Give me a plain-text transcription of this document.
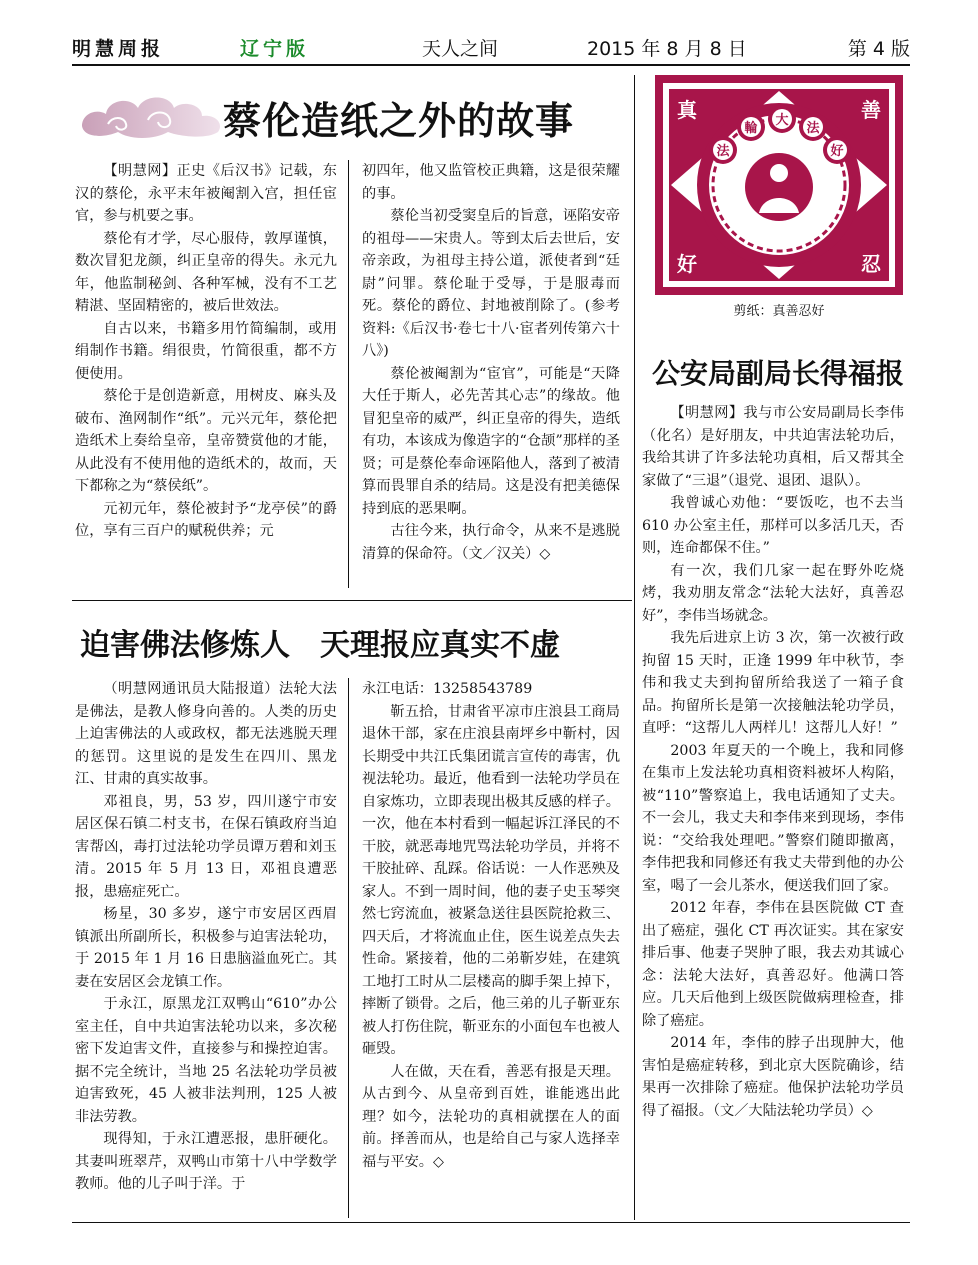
明慧周报	辽宁版	天人之间	2015 年 8 月 8 日	第 4 版
蔡伦造纸之外的故事

【明慧网】正史《后汉书》记载，东汉的蔡伦，永平末年被阉割入宫，担任宦官，参与机要之事。

蔡伦有才学，尽心服侍，敦厚谨慎，数次冒犯龙颜，纠正皇帝的得失。永元九年，他监制秘剑、各种军械，没有不工艺精湛、坚固精密的，被后世效法。

自古以来，书籍多用竹简编制，或用绢制作书籍。绢很贵，竹简很重，都不方便使用。

蔡伦于是创造新意，用树皮、麻头及破布、渔网制作“纸”。元兴元年，蔡伦把造纸术上奏给皇帝，皇帝赞赏他的才能，从此没有不使用他的造纸术的，故而，天下都称之为“蔡侯纸”。

元初元年，蔡伦被封予“龙亭侯”的爵位，享有三百户的赋税供养；元

初四年，他又监管校正典籍，这是很荣耀的事。

蔡伦当初受窦皇后的旨意，诬陷安帝的祖母——宋贵人。等到太后去世后，安帝亲政，为祖母主持公道，派使者到“廷尉”问罪。蔡伦耻于受辱，于是服毒而死。蔡伦的爵位、封地被削除了。(参考资料:《后汉书·卷七十八·宦者列传第六十八》)

蔡伦被阉割为“宦官”，可能是“天降大任于斯人，必先苦其心志”的缘故。他冒犯皇帝的威严，纠正皇帝的得失，造纸有功，本该成为像造字的“仓颉”那样的圣贤；可是蔡伦奉命诬陷他人，落到了被清算而畏罪自杀的结局。这是没有把美德保持到底的恶果啊。

古往今来，执行命令，从来不是逃脱清算的保命符。（文／汉关）◇

迫害佛法修炼人　天理报应真实不虚

（明慧网通讯员大陆报道）法轮大法是佛法，是教人修身向善的。人类的历史上迫害佛法的人或政权，都无法逃脱天理的惩罚。这里说的是发生在四川、黑龙江、甘肃的真实故事。

邓祖良，男，53 岁，四川遂宁市安居区保石镇二村支书，在保石镇政府当迫害帮凶，毒打过法轮功学员谭万碧和刘玉清。2015 年 5 月 13 日，邓祖良遭恶报，患癌症死亡。

杨星，30 多岁，遂宁市安居区西眉镇派出所副所长，积极参与迫害法轮功，于 2015 年 1 月 16 日患脑溢血死亡。其妻在安居区会龙镇工作。

于永江，原黑龙江双鸭山“610”办公室主任，自中共迫害法轮功以来，多次秘密下发迫害文件，直接参与和操控迫害。据不完全统计，当地 25 名法轮功学员被迫害致死，45 人被非法判刑，125 人被非法劳教。

现得知，于永江遭恶报，患肝硬化。其妻叫班翠芹，双鸭山市第十八中学数学教师。他的儿子叫于洋。于

永江电话：13258543789

靳五拾，甘肃省平凉市庄浪县工商局退休干部，家在庄浪县南坪乡中靳村，因长期受中共江氏集团谎言宣传的毒害，仇视法轮功。最近，他看到一法轮功学员在自家炼功，立即表现出极其反感的样子。一次，他在本村看到一幅起诉江泽民的不干胶，就恶毒地咒骂法轮功学员，并将不干胶扯碎、乱踩。俗话说：一人作恶殃及家人。不到一周时间，他的妻子史玉琴突然七窍流血，被紧急送往县医院抢救三、四天后，才将流血止住，医生说差点失去性命。紧接着，他的二弟靳岁娃，在建筑工地打工时从二层楼高的脚手架上掉下，摔断了锁骨。之后，他三弟的儿子靳亚东被人打伤住院，靳亚东的小面包车也被人砸毁。

人在做，天在看，善恶有报是天理。从古到今、从皇帝到百姓，谁能逃出此理？如今，法轮功的真相就摆在人的面前。择善而从，也是给自己与家人选择幸福与平安。◇

法
輪
大
法
好
真	善
好	忍
剪纸：真善忍好
公安局副局长得福报

【明慧网】我与市公安局副局长李伟（化名）是好朋友，中共迫害法轮功后，我给其讲了许多法轮功真相，后又帮其全家做了“三退”（退党、退团、退队）。

我曾诚心劝他：“要饭吃，也不去当 610 办公室主任，那样可以多活几天，否则，连命都保不住。”

有一次，我们几家一起在野外吃烧烤，我劝朋友常念“法轮大法好，真善忍好”，李伟当场就念。

我先后进京上访 3 次，第一次被行政拘留 15 天时，正逢 1999 年中秋节，李伟和我丈夫到拘留所给我送了一箱子食品。拘留所长是第一次接触法轮功学员，直呼：“这帮儿人两样儿！这帮儿人好！”

2003 年夏天的一个晚上，我和同修在集市上发法轮功真相资料被坏人构陷，被“110”警察追上，我电话通知了丈夫。不一会儿，我丈夫和李伟来到现场，李伟说：“交给我处理吧。”警察们随即撤离，李伟把我和同修还有我丈夫带到他的办公室，喝了一会儿茶水，便送我们回了家。

2012 年春，李伟在县医院做 CT 查出了癌症，强化 CT 再次证实。其在家安排后事、他妻子哭肿了眼，我去劝其诚心念：法轮大法好，真善忍好。他满口答应。几天后他到上级医院做病理检查，排除了癌症。

2014 年，李伟的脖子出现肿大，他害怕是癌症转移，到北京大医院确诊，结果再一次排除了癌症。他保护法轮功学员得了福报。（文／大陆法轮功学员）◇
